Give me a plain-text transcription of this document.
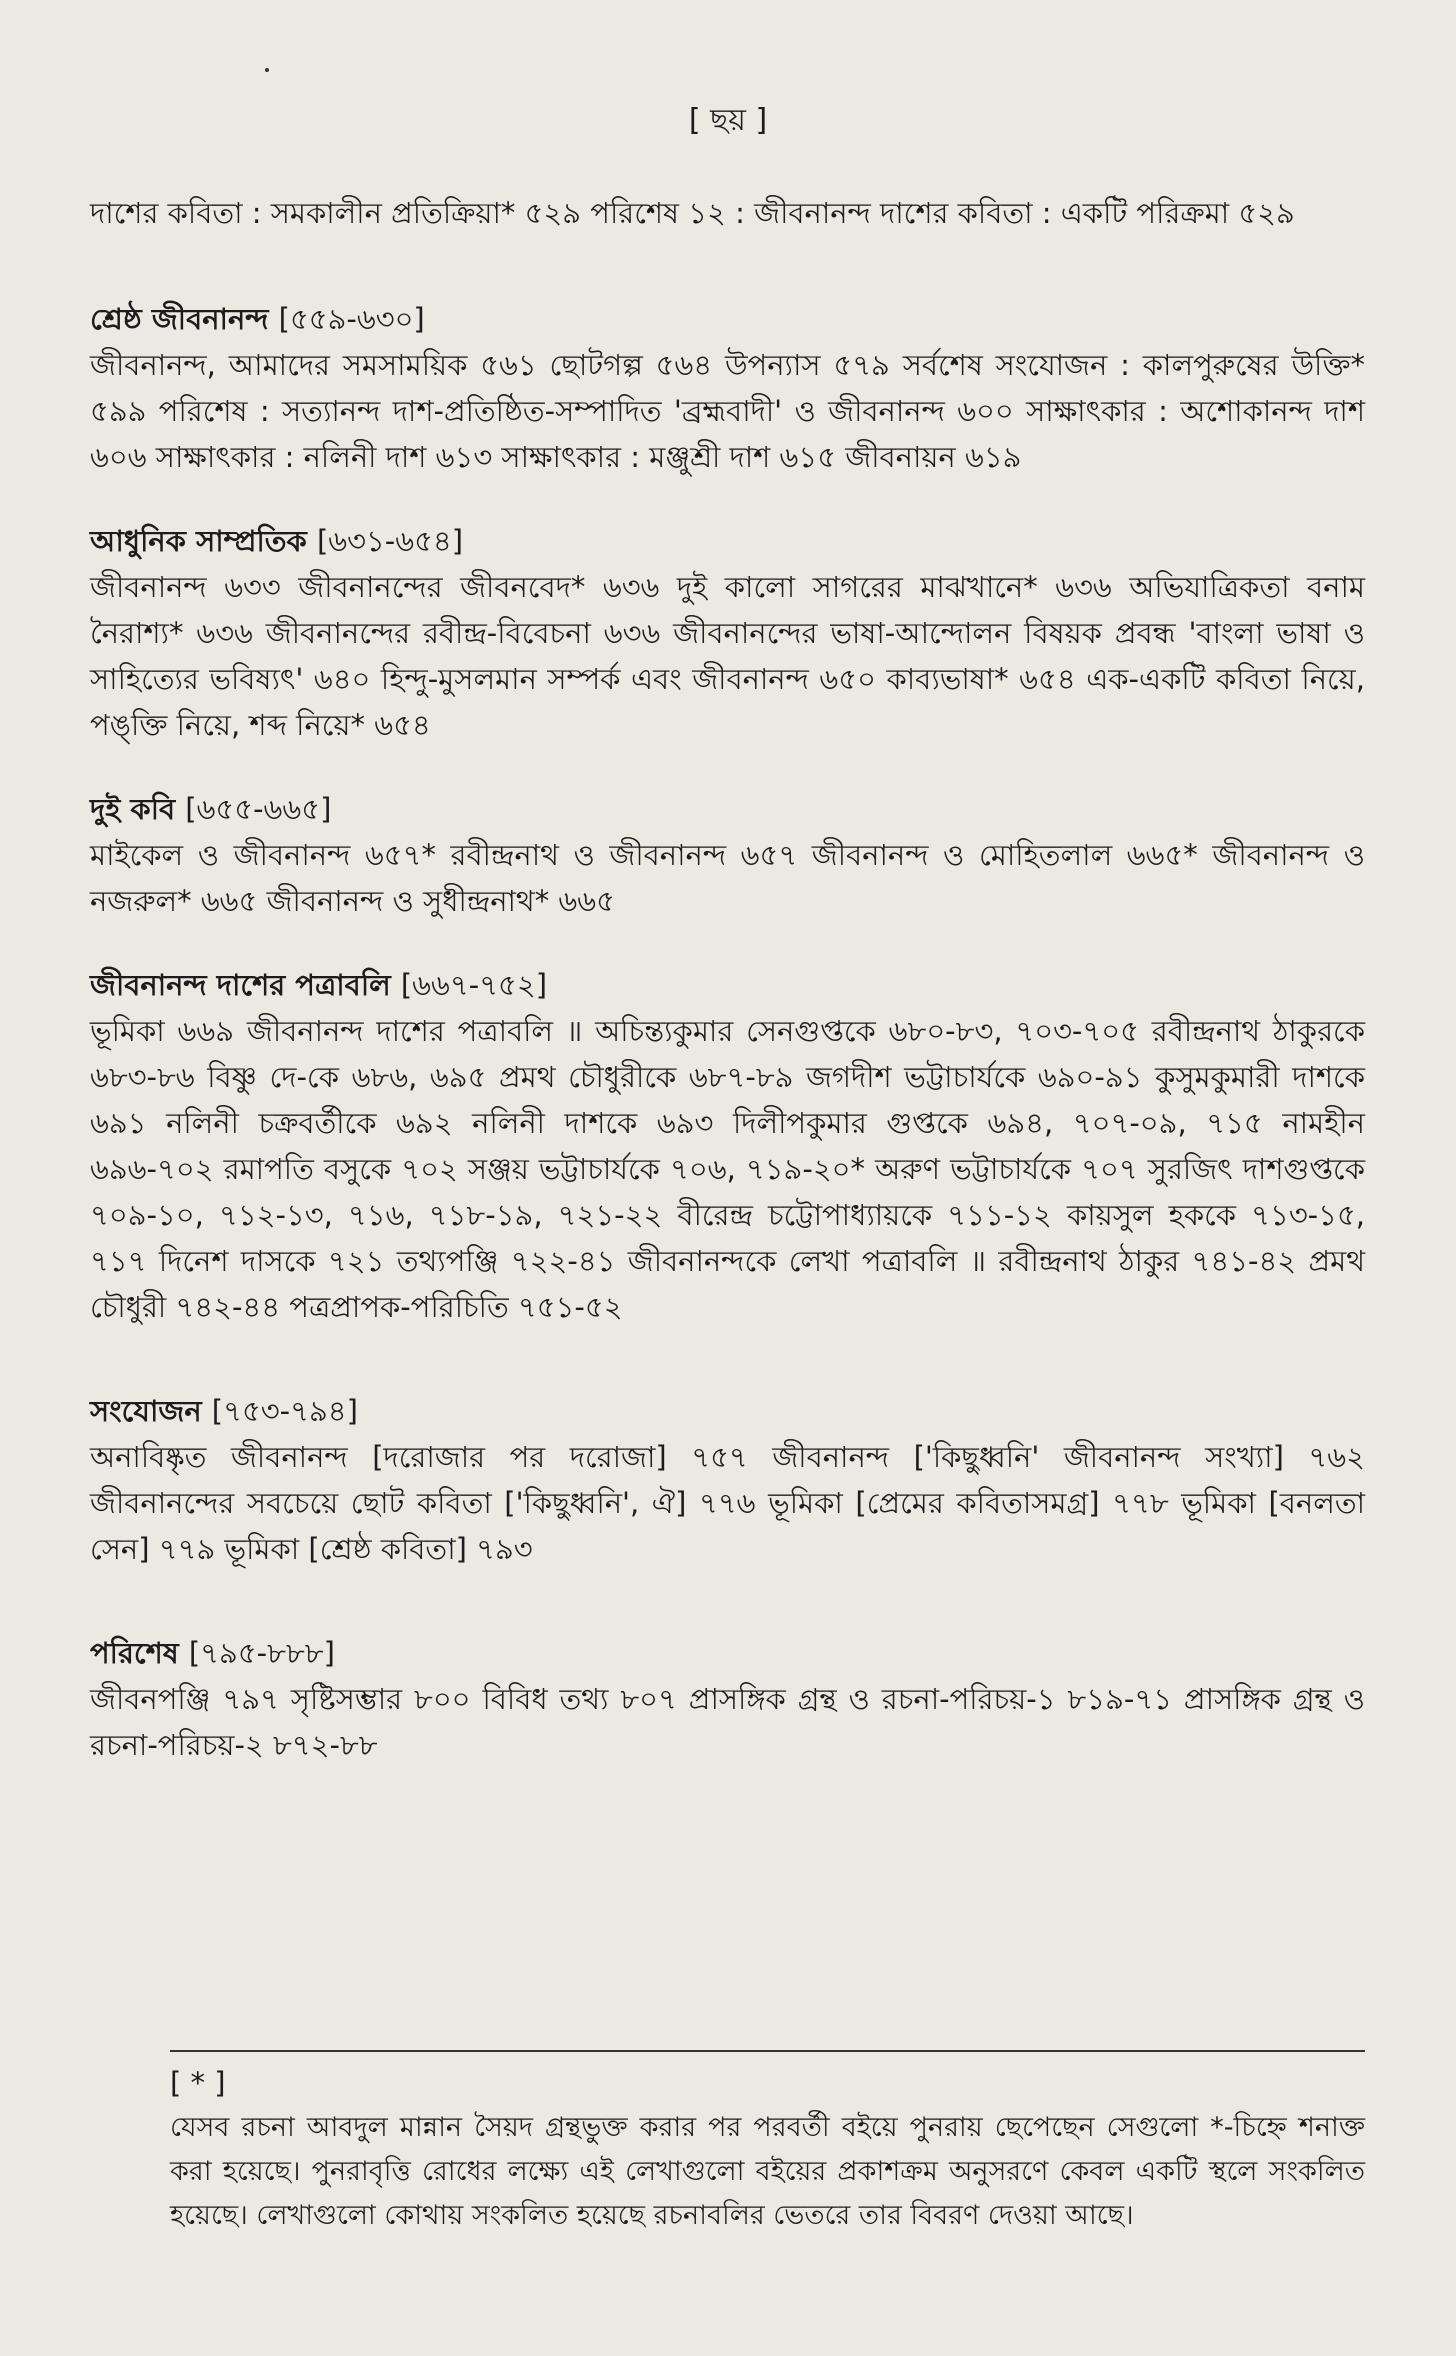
[ ছয় ]

দাশের কবিতা : সমকালীন প্রতিক্রিয়া* ৫২৯ পরিশেষ ১২ : জীবনানন্দ দাশের কবিতা : একটি পরিক্রমা ৫২৯

শ্রেষ্ঠ জীবনানন্দ [৫৫৯-৬৩০]

জীবনানন্দ, আমাদের সমসাময়িক ৫৬১ ছোটগল্প ৫৬৪ উপন্যাস ৫৭৯ সর্বশেষ সংযোজন : কালপুরুষের উক্তি* ৫৯৯ পরিশেষ : সত্যানন্দ দাশ-প্রতিষ্ঠিত-সম্পাদিত 'ব্রহ্মবাদী' ও জীবনানন্দ ৬০০ সাক্ষাৎকার : অশোকানন্দ দাশ ৬০৬ সাক্ষাৎকার : নলিনী দাশ ৬১৩ সাক্ষাৎকার : মঞ্জুশ্রী দাশ ৬১৫ জীবনায়ন ৬১৯

আধুনিক সাম্প্রতিক [৬৩১-৬৫৪]

জীবনানন্দ ৬৩৩ জীবনানন্দের জীবনবেদ* ৬৩৬ দুই কালো সাগরের মাঝখানে* ৬৩৬ অভিযাত্রিকতা বনাম নৈরাশ্য* ৬৩৬ জীবনানন্দের রবীন্দ্র-বিবেচনা ৬৩৬ জীবনানন্দের ভাষা-আন্দোলন বিষয়ক প্রবন্ধ 'বাংলা ভাষা ও সাহিত্যের ভবিষ্যৎ' ৬৪০ হিন্দু-মুসলমান সম্পর্ক এবং জীবনানন্দ ৬৫০ কাব্যভাষা* ৬৫৪ এক-একটি কবিতা নিয়ে, পঙ্‌ক্তি নিয়ে, শব্দ নিয়ে* ৬৫৪

দুই কবি [৬৫৫-৬৬৫]

মাইকেল ও জীবনানন্দ ৬৫৭* রবীন্দ্রনাথ ও জীবনানন্দ ৬৫৭ জীবনানন্দ ও মোহিতলাল ৬৬৫* জীবনানন্দ ও নজরুল* ৬৬৫ জীবনানন্দ ও সুধীন্দ্রনাথ* ৬৬৫

জীবনানন্দ দাশের পত্রাবলি [৬৬৭-৭৫২]

ভূমিকা ৬৬৯ জীবনানন্দ দাশের পত্রাবলি ॥ অচিন্ত্যকুমার সেনগুপ্তকে ৬৮০-৮৩, ৭০৩-৭০৫ রবীন্দ্রনাথ ঠাকুরকে ৬৮৩-৮৬ বিষ্ণু দে-কে ৬৮৬, ৬৯৫ প্রমথ চৌধুরীকে ৬৮৭-৮৯ জগদীশ ভট্টাচার্যকে ৬৯০-৯১ কুসুমকুমারী দাশকে ৬৯১ নলিনী চক্রবর্তীকে ৬৯২ নলিনী দাশকে ৬৯৩ দিলীপকুমার গুপ্তকে ৬৯৪, ৭০৭-০৯, ৭১৫ নামহীন ৬৯৬-৭০২ রমাপতি বসুকে ৭০২ সঞ্জয় ভট্টাচার্যকে ৭০৬, ৭১৯-২০* অরুণ ভট্টাচার্যকে ৭০৭ সুরজিৎ দাশগুপ্তকে ৭০৯-১০, ৭১২-১৩, ৭১৬, ৭১৮-১৯, ৭২১-২২ বীরেন্দ্র চট্টোপাধ্যায়কে ৭১১-১২ কায়সুল হককে ৭১৩-১৫, ৭১৭ দিনেশ দাসকে ৭২১ তথ্যপঞ্জি ৭২২-৪১ জীবনানন্দকে লেখা পত্রাবলি ॥ রবীন্দ্রনাথ ঠাকুর ৭৪১-৪২ প্রমথ চৌধুরী ৭৪২-৪৪ পত্রপ্রাপক-পরিচিতি ৭৫১-৫২

সংযোজন [৭৫৩-৭৯৪]

অনাবিষ্কৃত জীবনানন্দ [দরোজার পর দরোজা] ৭৫৭ জীবনানন্দ ['কিছুধ্বনি' জীবনানন্দ সংখ্যা] ৭৬২ জীবনানন্দের সবচেয়ে ছোট কবিতা ['কিছুধ্বনি', ঐ] ৭৭৬ ভূমিকা [প্রেমের কবিতাসমগ্র] ৭৭৮ ভূমিকা [বনলতা সেন] ৭৭৯ ভূমিকা [শ্রেষ্ঠ কবিতা] ৭৯৩

পরিশেষ [৭৯৫-৮৮৮]

জীবনপঞ্জি ৭৯৭ সৃষ্টিসম্ভার ৮০০ বিবিধ তথ্য ৮০৭ প্রাসঙ্গিক গ্রন্থ ও রচনা-পরিচয়-১ ৮১৯-৭১ প্রাসঙ্গিক গ্রন্থ ও রচনা-পরিচয়-২ ৮৭২-৮৮

[ * ]

যেসব রচনা আবদুল মান্নান সৈয়দ গ্রন্থভুক্ত করার পর পরবর্তী বইয়ে পুনরায় ছেপেছেন সেগুলো *-চিহ্নে শনাক্ত করা হয়েছে। পুনরাবৃত্তি রোধের লক্ষ্যে এই লেখাগুলো বইয়ের প্রকাশক্রম অনুসরণে কেবল একটি স্থলে সংকলিত হয়েছে। লেখাগুলো কোথায় সংকলিত হয়েছে রচনাবলির ভেতরে তার বিবরণ দেওয়া আছে।
